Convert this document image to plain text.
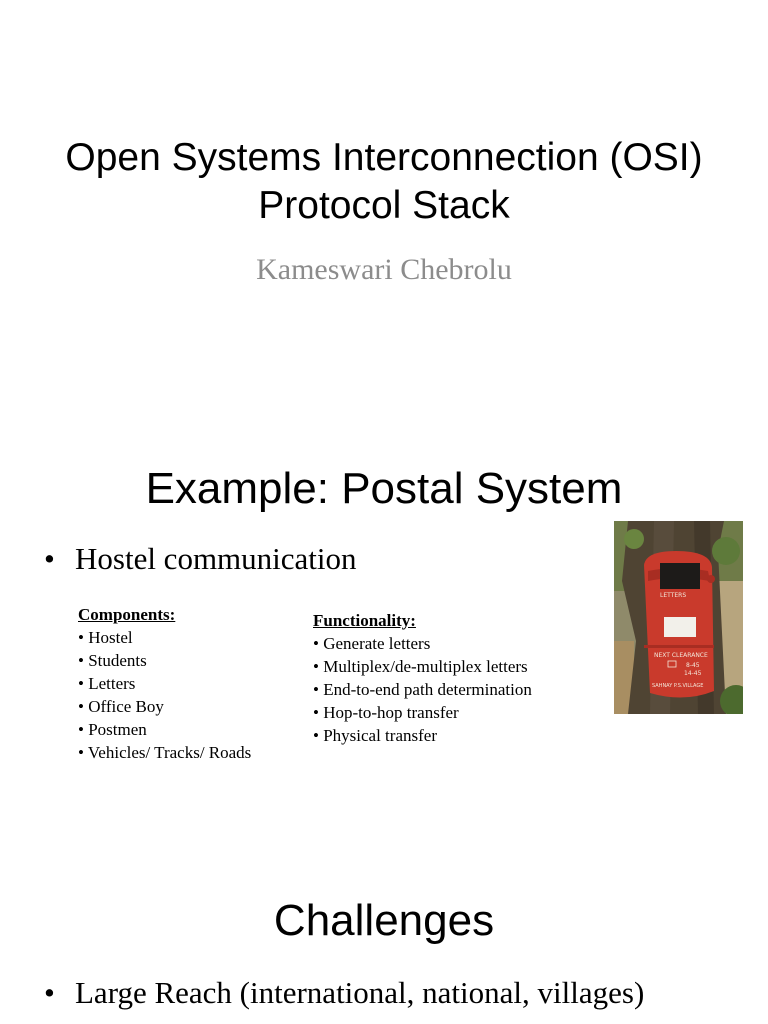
Open Systems Interconnection (OSI)
Protocol Stack
Kameswari Chebrolu
Example: Postal System
• Hostel communication
Components:
• Hostel
• Students
• Letters
• Office Boy
• Postmen
• Vehicles/ Tracks/ Roads
Functionality:
• Generate letters
• Multiplex/de-multiplex letters
• End-to-end path determination
• Hop-to-hop transfer
• Physical transfer
LETTERS
NEXT CLEARANCE
8-45
14-45
SAHNAY P.S.VILLAGE
Challenges
• Large Reach (international, national, villages)
